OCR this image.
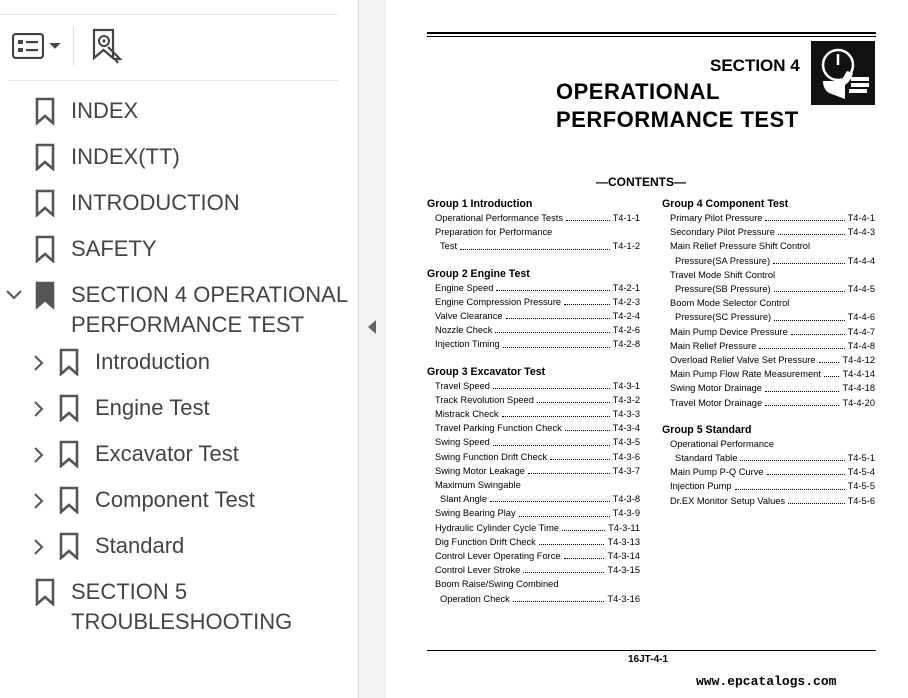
INDEX
INDEX(TT)
INTRODUCTION
SAFETY
SECTION 4 OPERATIONAL
PERFORMANCE TEST
Introduction
Engine Test
Excavator Test
Component Test
Standard
SECTION 5
TROUBLESHOOTING
SECTION 4
OPERATIONAL
PERFORMANCE TEST
—CONTENTS—
Group 1 Introduction
Operational Performance Tests	T4-1-1
Preparation for Performance
Test	T4-1-2
Group 2 Engine Test
Engine Speed	T4-2-1
Engine Compression Pressure	T4-2-3
Valve Clearance	T4-2-4
Nozzle Check	T4-2-6
Injection Timing	T4-2-8
Group 3 Excavator Test
Travel Speed	T4-3-1
Track Revolution Speed	T4-3-2
Mistrack Check	T4-3-3
Travel Parking Function Check	T4-3-4
Swing Speed	T4-3-5
Swing Function Drift Check	T4-3-6
Swing Motor Leakage	T4-3-7
Maximum Swingable
Slant Angle	T4-3-8
Swing Bearing Play	T4-3-9
Hydraulic Cylinder Cycle Time	T4-3-11
Dig Function Drift Check	T4-3-13
Control Lever Operating Force	T4-3-14
Control Lever Stroke	T4-3-15
Boom Raise/Swing Combined
Operation Check	T4-3-16
Group 4 Component Test
Primary Pilot Pressure	T4-4-1
Secondary Pilot Pressure	T4-4-3
Main Relief Pressure Shift Control
Pressure(SA Pressure)	T4-4-4
Travel Mode Shift Control
Pressure(SB Pressure)	T4-4-5
Boom Mode Selector Control
Pressure(SC Pressure)	T4-4-6
Main Pump Device Pressure	T4-4-7
Main Relief Pressure	T4-4-8
Overload Relief Valve Set Pressure	T4-4-12
Main Pump Flow Rate Measurement T4-4-14
Swing Motor Drainage	T4-4-18
Travel Motor Drainage	T4-4-20
Group 5 Standard
Operational Performance
Standard Table	T4-5-1
Main Pump P-Q Curve	T4-5-4
Injection Pump	T4-5-5
Dr.EX Monitor Setup Values	T4-5-6
16JT-4-1
www.epcatalogs.com
